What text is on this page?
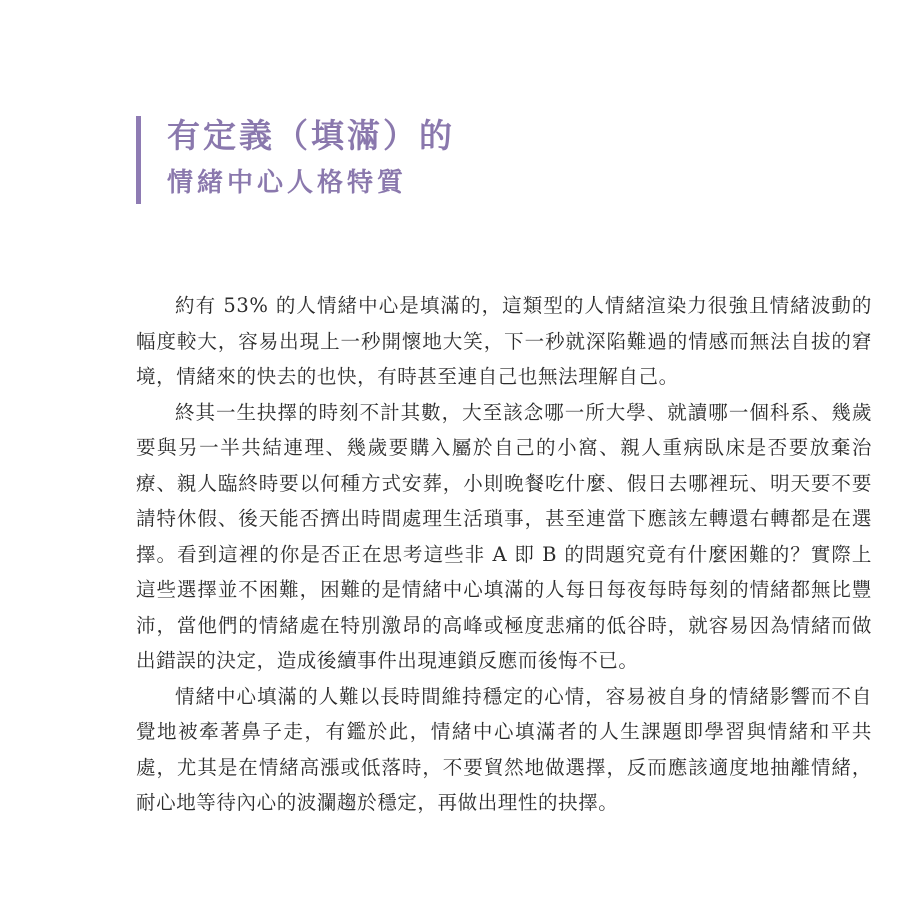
有定義（填滿）的
情緒中心人格特質

約有 53% 的人情緒中心是填滿的，這類型的人情緒渲染力很強且情緒波動的幅度較大，容易出現上一秒開懷地大笑，下一秒就深陷難過的情感而無法自拔的窘境，情緒來的快去的也快，有時甚至連自己也無法理解自己。

終其一生抉擇的時刻不計其數，大至該念哪一所大學、就讀哪一個科系、幾歲要與另一半共結連理、幾歲要購入屬於自己的小窩、親人重病臥床是否要放棄治療、親人臨終時要以何種方式安葬，小則晚餐吃什麼、假日去哪裡玩、明天要不要請特休假、後天能否擠出時間處理生活瑣事，甚至連當下應該左轉還右轉都是在選擇。看到這裡的你是否正在思考這些非 A 即 B 的問題究竟有什麼困難的？實際上這些選擇並不困難，困難的是情緒中心填滿的人每日每夜每時每刻的情緒都無比豐沛，當他們的情緒處在特別激昂的高峰或極度悲痛的低谷時，就容易因為情緒而做出錯誤的決定，造成後續事件出現連鎖反應而後悔不已。

情緒中心填滿的人難以長時間維持穩定的心情，容易被自身的情緒影響而不自覺地被牽著鼻子走，有鑑於此，情緒中心填滿者的人生課題即學習與情緒和平共處，尤其是在情緒高漲或低落時，不要貿然地做選擇，反而應該適度地抽離情緒，耐心地等待內心的波瀾趨於穩定，再做出理性的抉擇。
